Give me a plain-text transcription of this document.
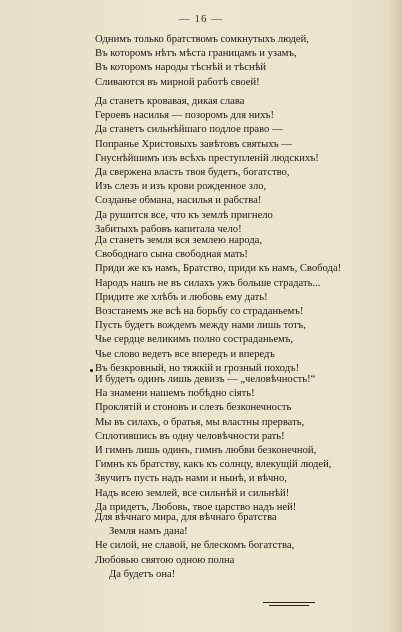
— 16 —
Однимъ только братствомъ сомкнутыхъ людей,
Въ которомъ нѣтъ мѣста границамъ и узамъ,
Въ которомъ народы тѣснѣй и тѣснѣй
Сливаются въ мирной работѣ своей!
Да станетъ кровавая, дикая слава
Героевъ насилья — позоромъ для нихъ!
Да станетъ сильнѣйшаго подлое право —
Попранье Христовыхъ завѣтовъ святыхъ —
Гнуснѣйшимъ изъ всѣхъ преступленій людскихъ!
Да свержена власть твоя будетъ, богатство,
Изъ слезъ и изъ крови рожденное зло,
Созданье обмана, насилья и рабства!
Да рушится все, что къ землѣ пригнело
Забитыхъ рабовъ капитала чело!
Да станетъ земля вся землею народа,
Свободнаго сына свободная мать!
Приди же къ намъ, Братство, приди къ намъ, Свобода!
Народъ нашъ не въ силахъ ужъ больше страдать...
Придите же хлѣбъ и любовь ему дать!
Возстанемъ же всѣ на борьбу со страданьемъ!
Пусть будетъ вождемъ между нами лишь тотъ,
Чье сердце великимъ полно состраданьемъ,
Чье слово ведетъ все впередъ и впередъ
Въ безкровный, но тяжкій и грозный походъ!
И будетъ одинъ лишь девизъ — „человѣчность!“
На знамени нашемъ побѣдно сіять!
Проклятій и стоновъ и слезъ безконечность
Мы въ силахъ, о братья, мы властны прервать,
Сплотившись въ одну человѣчности рать!
И гимнъ лишь одинъ, гимнъ любви безконечной,
Гимнъ къ братству, какъ къ солнцу, влекущій людей,
Звучитъ пусть надъ нами и нынѣ, и вѣчно,
Надъ всею землей, все сильнѣй и сильнѣй!
Да придетъ, Любовь, твое царство надъ ней!
Для вѣчнаго мира, для вѣчнаго братства
Земля намъ дана!
Не силой, не славой, не блескомъ богатства,
Любовью святою одною полна
Да будетъ она!
